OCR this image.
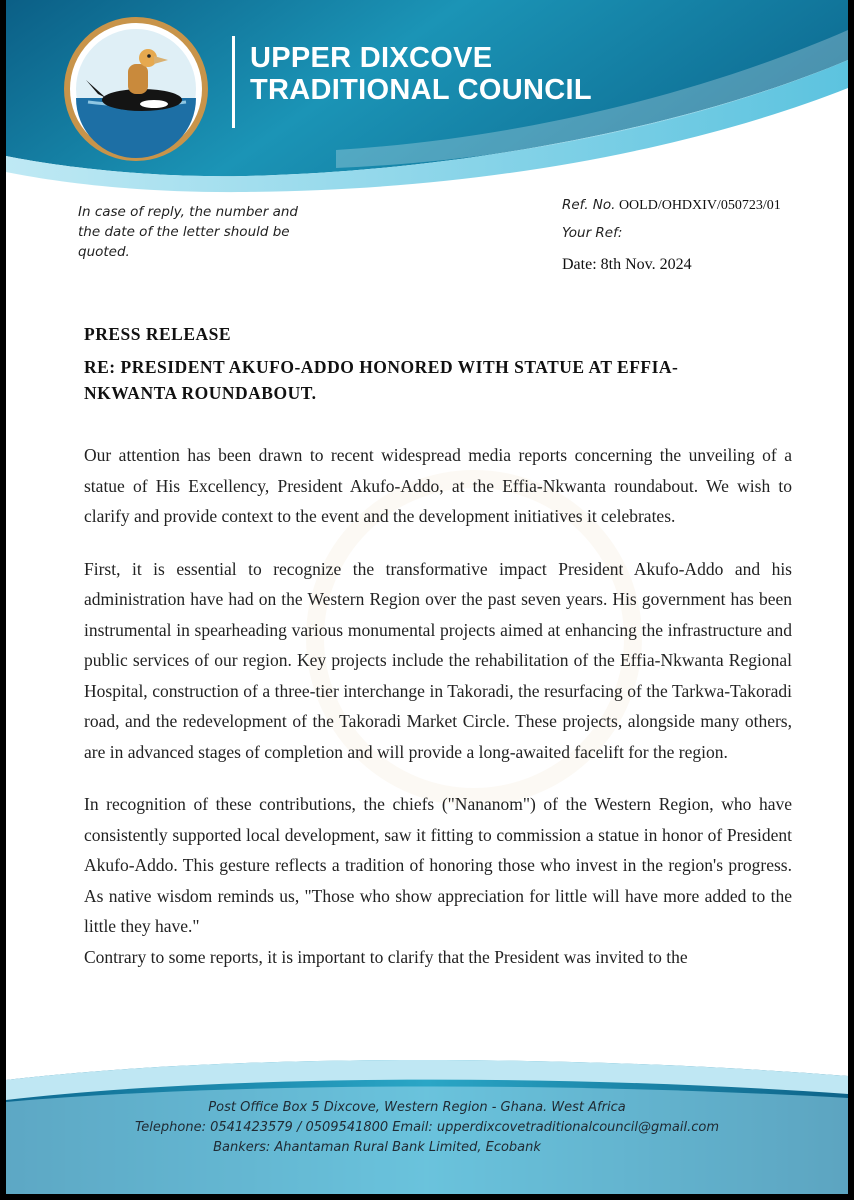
UPPER DIXCOVE
TRADITIONAL COUNCIL
In case of reply, the number and the date of the letter should be quoted.
Ref. No. OOLD/OHDXIV/050723/01
Your Ref:
Date: 8th Nov. 2024
PRESS RELEASE
RE: PRESIDENT AKUFO-ADDO HONORED WITH STATUE AT EFFIA-
NKWANTA ROUNDABOUT.

Our attention has been drawn to recent widespread media reports concerning the unveiling of a statue of His Excellency, President Akufo-Addo, at the Effia-Nkwanta roundabout. We wish to clarify and provide context to the event and the development initiatives it celebrates.

First, it is essential to recognize the transformative impact President Akufo-Addo and his administration have had on the Western Region over the past seven years. His government has been instrumental in spearheading various monumental projects aimed at enhancing the infrastructure and public services of our region. Key projects include the rehabilitation of the Effia-Nkwanta Regional Hospital, construction of a three-tier interchange in Takoradi, the resurfacing of the Tarkwa-Takoradi road, and the redevelopment of the Takoradi Market Circle. These projects, alongside many others, are in advanced stages of completion and will provide a long-awaited facelift for the region.

In recognition of these contributions, the chiefs ("Nananom") of the Western Region, who have consistently supported local development, saw it fitting to commission a statue in honor of President Akufo-Addo. This gesture reflects a tradition of honoring those who invest in the region's progress. As native wisdom reminds us, "Those who show appreciation for little will have more added to the little they have."

Contrary to some reports, it is important to clarify that the President was invited to the

Post Office Box 5 Dixcove, Western Region - Ghana. West Africa
Telephone: 0541423579 / 0509541800 Email: upperdixcovetraditionalcouncil@gmail.com
Bankers: Ahantaman Rural Bank Limited, Ecobank
